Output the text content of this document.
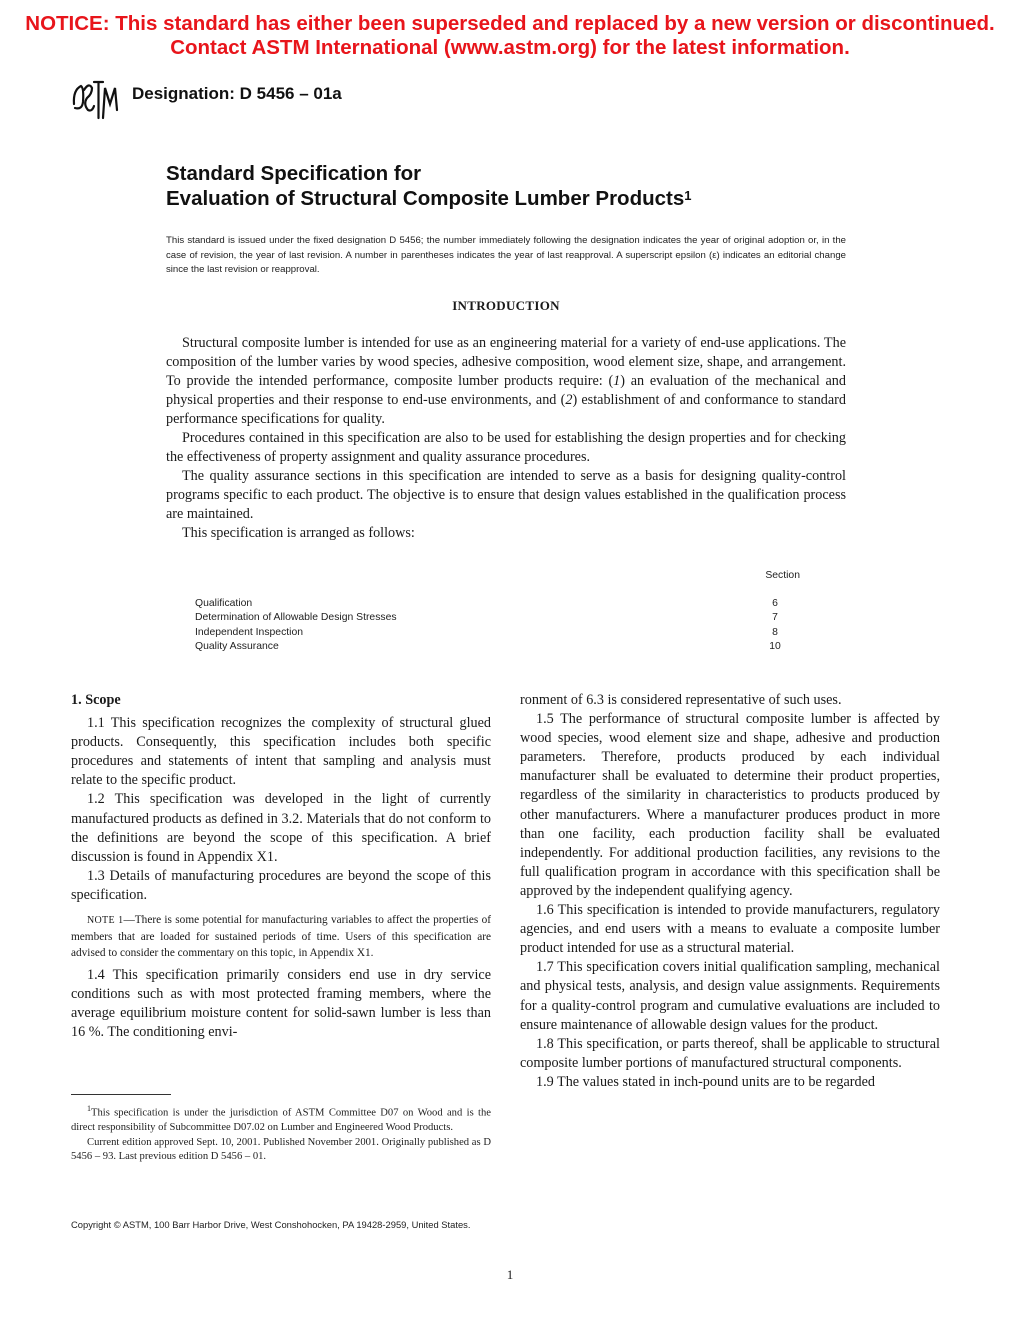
NOTICE: This standard has either been superseded and replaced by a new version or discontinued.
Contact ASTM International (www.astm.org) for the latest information.
ASTM
Designation: D 5456 – 01a
Standard Specification for
Evaluation of Structural Composite Lumber Products$^1$
This standard is issued under the fixed designation D 5456; the number immediately following the designation indicates the year of original adoption or, in the case of revision, the year of last revision. A number in parentheses indicates the year of last reapproval. A superscript epsilon (ε) indicates an editorial change since the last revision or reapproval.
INTRODUCTION

Structural composite lumber is intended for use as an engineering material for a variety of end-use applications. The composition of the lumber varies by wood species, adhesive composition, wood element size, shape, and arrangement. To provide the intended performance, composite lumber products require: (1) an evaluation of the mechanical and physical properties and their response to end-use environments, and (2) establishment of and conformance to standard performance specifications for quality.

Procedures contained in this specification are also to be used for establishing the design properties and for checking the effectiveness of property assignment and quality assurance procedures.

The quality assurance sections in this specification are intended to serve as a basis for designing quality-control programs specific to each product. The objective is to ensure that design values established in the qualification process are maintained.

This specification is arranged as follows:

Section
Qualification	6
Determination of Allowable Design Stresses	7
Independent Inspection	8
Quality Assurance	10

1. Scope

1.1 This specification recognizes the complexity of structural glued products. Consequently, this specification includes both specific procedures and statements of intent that sampling and analysis must relate to the specific product.

1.2 This specification was developed in the light of currently manufactured products as defined in 3.2. Materials that do not conform to the definitions are beyond the scope of this specification. A brief discussion is found in Appendix X1.

1.3 Details of manufacturing procedures are beyond the scope of this specification.

NOTE 1—There is some potential for manufacturing variables to affect the properties of members that are loaded for sustained periods of time. Users of this specification are advised to consider the commentary on this topic, in Appendix X1.

1.4 This specification primarily considers end use in dry service conditions such as with most protected framing members, where the average equilibrium moisture content for solid-sawn lumber is less than 16 %. The conditioning envi-

ronment of 6.3 is considered representative of such uses.

1.5 The performance of structural composite lumber is affected by wood species, wood element size and shape, adhesive and production parameters. Therefore, products produced by each individual manufacturer shall be evaluated to determine their product properties, regardless of the similarity in characteristics to products produced by other manufacturers. Where a manufacturer produces product in more than one facility, each production facility shall be evaluated independently. For additional production facilities, any revisions to the full qualification program in accordance with this specification shall be approved by the independent qualifying agency.

1.6 This specification is intended to provide manufacturers, regulatory agencies, and end users with a means to evaluate a composite lumber product intended for use as a structural material.

1.7 This specification covers initial qualification sampling, mechanical and physical tests, analysis, and design value assignments. Requirements for a quality-control program and cumulative evaluations are included to ensure maintenance of allowable design values for the product.

1.8 This specification, or parts thereof, shall be applicable to structural composite lumber portions of manufactured structural components.

1.9 The values stated in inch-pound units are to be regarded

$^1$This specification is under the jurisdiction of ASTM Committee D07 on Wood and is the direct responsibility of Subcommittee D07.02 on Lumber and Engineered Wood Products.

Current edition approved Sept. 10, 2001. Published November 2001. Originally published as D 5456 – 93. Last previous edition D 5456 – 01.

Copyright © ASTM, 100 Barr Harbor Drive, West Conshohocken, PA 19428-2959, United States.
1
